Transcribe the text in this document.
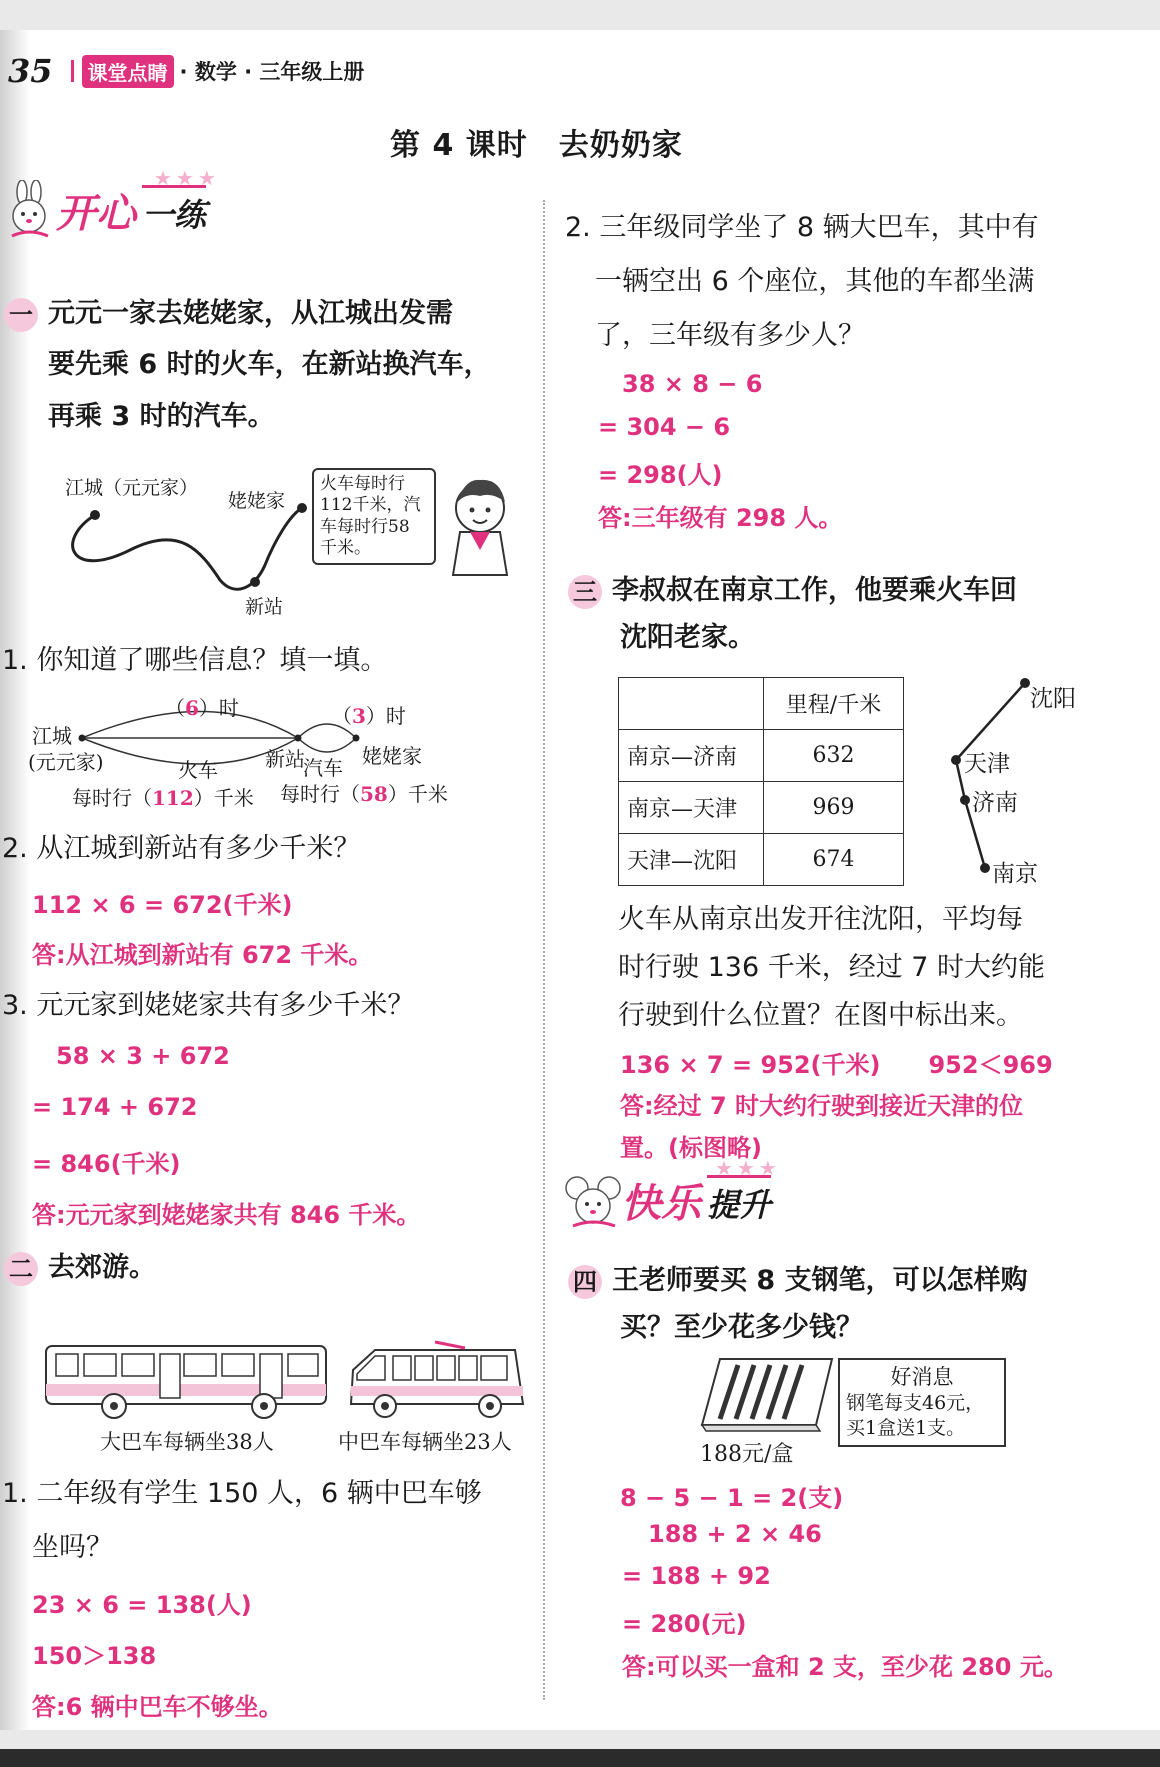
35	课堂点睛 · 数学 · 三年级上册
第 4 课时　去奶奶家
开心 一练
★★★
一 元元一家去姥姥家，从江城出发需
要先乘 6 时的火车，在新站换汽车，
再乘 3 时的汽车。
江城（元元家）
姥姥家
新站
火车每时行
112千米，汽
车每时行58
千米。
1. 你知道了哪些信息？填一填。
（6）时	（3）时
江城
(元元家)	火车	汽车
新站	姥姥家
每时行（112）千米 每时行（58）千米
2. 从江城到新站有多少千米？
112 × 6 = 672(千米)
答:从江城到新站有 672 千米。
3. 元元家到姥姥家共有多少千米？
58 × 3 + 672
= 174 + 672
= 846(千米)
答:元元家到姥姥家共有 846 千米。
二 去郊游。
大巴车每辆坐38人	中巴车每辆坐23人
1. 二年级有学生 150 人，6 辆中巴车够
坐吗？
23 × 6 = 138(人)
150＞138
答:6 辆中巴车不够坐。
2. 三年级同学坐了 8 辆大巴车，其中有
一辆空出 6 个座位，其他的车都坐满
了，三年级有多少人？
38 × 8 − 6
= 304 − 6
= 298(人)
答:三年级有 298 人。
三 李叔叔在南京工作，他要乘火车回
沈阳老家。
	里程/千米
南京—济南	632
南京—天津	969
天津—沈阳	674
沈阳
天津
济南
南京
火车从南京出发开往沈阳，平均每
时行驶 136 千米，经过 7 时大约能
行驶到什么位置？在图中标出来。
136 × 7 = 952(千米)　　952＜969
答:经过 7 时大约行驶到接近天津的位
置。(标图略)
快乐 提升
★★★
四 王老师要买 8 支钢笔，可以怎样购
买？至少花多少钱？
188元/盒
好消息
钢笔每支46元，
买1盒送1支。
8 − 5 − 1 = 2(支)
188 + 2 × 46
= 188 + 92
= 280(元)
答:可以买一盒和 2 支，至少花 280 元。
